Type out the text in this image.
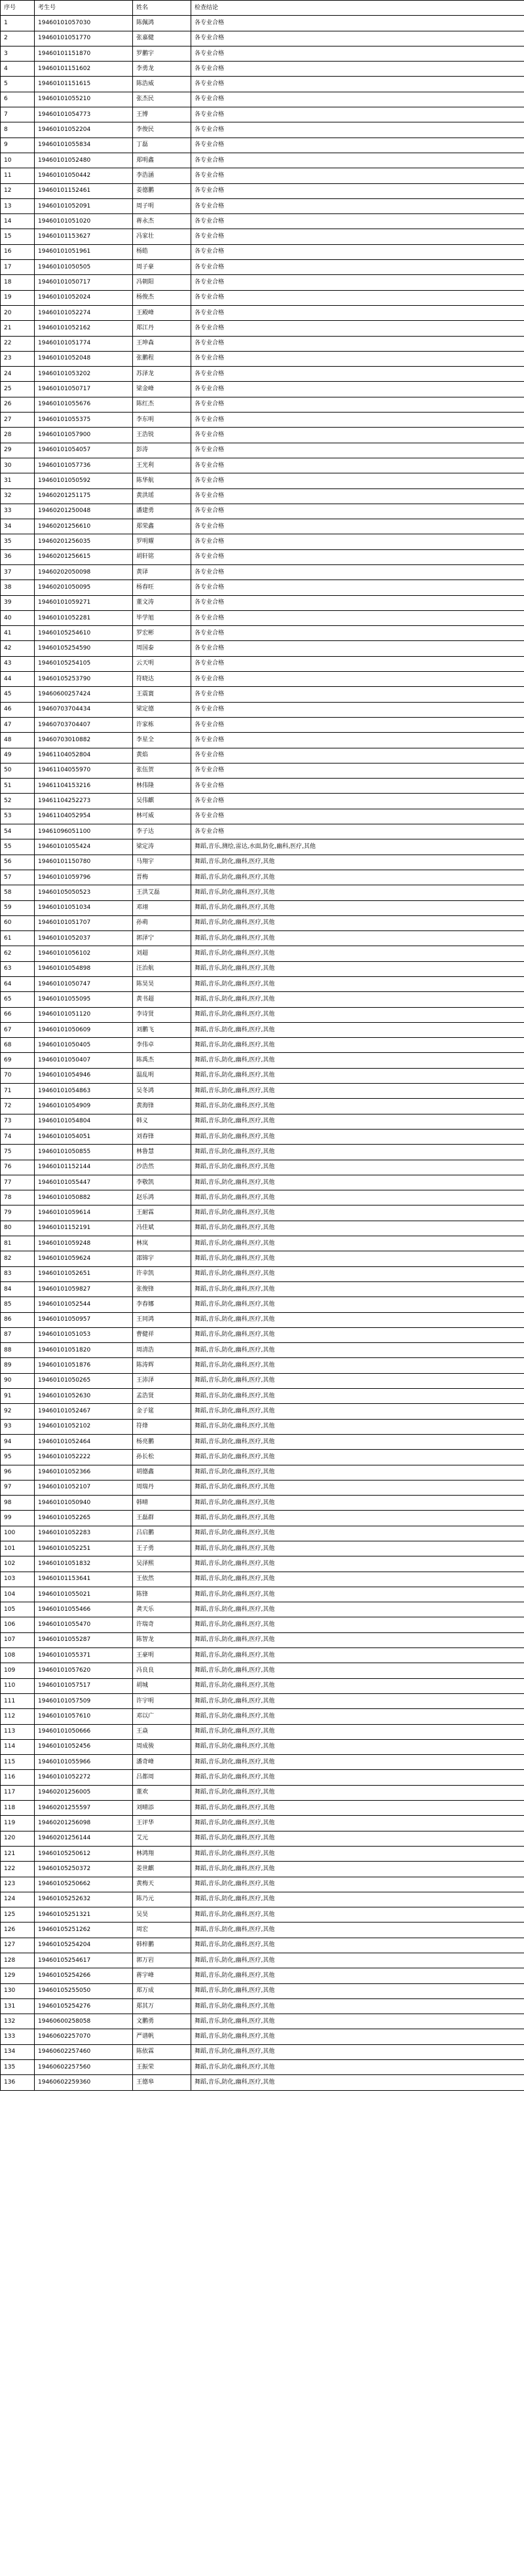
序号	考生号	姓名	检查结论
1	19460101057030	陈佩鸿	各专业合格
2	19460101051770	张嘉健	各专业合格
3	19460101151870	罗鹏宇	各专业合格
4	19460101151602	李勇龙	各专业合格
5	19460101151615	陈浩威	各专业合格
6	19460101055210	张杰民	各专业合格
7	19460101054773	王博	各专业合格
8	19460101052204	李俊民	各专业合格
9	19460101055834	丁磊	各专业合格
10	19460101052480	郑明鑫	各专业合格
11	19460101050442	李浩涵	各专业合格
12	19460101152461	姜德鹏	各专业合格
13	19460101052091	周子明	各专业合格
14	19460101051020	蒋永杰	各专业合格
15	19460101153627	冯家壮	各专业合格
16	19460101051961	杨皓	各专业合格
17	19460101050505	周子豪	各专业合格
18	19460101050717	冯朝阳	各专业合格
19	19460101052024	杨俊杰	各专业合格
20	19460101052274	王殿峰	各专业合格
21	19460101052162	郑江丹	各专业合格
22	19460101051774	王坤森	各专业合格
23	19460101052048	张鹏程	各专业合格
24	19460101053202	苏泽龙	各专业合格
25	19460101050717	梁金峰	各专业合格
26	19460101055676	陈红杰	各专业合格
27	19460101055375	李东明	各专业合格
28	19460101057900	王浩锐	各专业合格
29	19460101054057	彭涛	各专业合格
30	19460101057736	王光利	各专业合格
31	19460101050592	陈华航	各专业合格
32	19460201251175	黄洪瑶	各专业合格
33	19460201250048	潘建勇	各专业合格
34	19460201256610	郑荣鑫	各专业合格
35	19460201256035	罗明耀	各专业合格
36	19460201256615	胡轩铭	各专业合格
37	19460202050098	黄译	各专业合格
38	19460201050095	杨春旺	各专业合格
39	19460101059271	董文涛	各专业合格
40	19460101052281	毕学旭	各专业合格
41	19460105254610	罗宏彬	各专业合格
42	19460105254590	周国泰	各专业合格
43	19460105254105	云天明	各专业合格
44	19460105253790	符晓达	各专业合格
45	19460600257424	王震寰	各专业合格
46	19460703704434	梁定德	各专业合格
47	19460703704407	许家栋	各专业合格
48	19460703010882	李星全	各专业合格
49	19461104052804	黄焰	各专业合格
50	19461104055970	张伍贺	各专业合格
51	19461104153216	林伟隆	各专业合格
52	19461104252273	吴伟麒	各专业合格
53	19461104052954	林可威	各专业合格
54	19461096051100	李子达	各专业合格
55	19460101055424	梁定涛	舞蹈,音乐,测绘,雷达,水面,防化,幽科,医疗,其他
56	19460101150780	马翔宇	舞蹈,音乐,防化,幽科,医疗,其他
57	19460101059796	晋梅	舞蹈,音乐,防化,幽科,医疗,其他
58	19460105050523	王洪艾磊	舞蹈,音乐,防化,幽科,医疗,其他
59	19460101051034	邓翊	舞蹈,音乐,防化,幽科,医疗,其他
60	19460101051707	孙萌	舞蹈,音乐,防化,幽科,医疗,其他
61	19460101052037	郭泽宁	舞蹈,音乐,防化,幽科,医疗,其他
62	19460101056102	刘超	舞蹈,音乐,防化,幽科,医疗,其他
63	19460101054898	汪治航	舞蹈,音乐,防化,幽科,医疗,其他
64	19460101050747	陈昊昊	舞蹈,音乐,防化,幽科,医疗,其他
65	19460101055095	黄书超	舞蹈,音乐,防化,幽科,医疗,其他
66	19460101051120	李诗贤	舞蹈,音乐,防化,幽科,医疗,其他
67	19460101050609	刘鹏飞	舞蹈,音乐,防化,幽科,医疗,其他
68	19460101050405	李伟卓	舞蹈,音乐,防化,幽科,医疗,其他
69	19460101050407	陈禹杰	舞蹈,音乐,防化,幽科,医疗,其他
70	19460101054946	温乱明	舞蹈,音乐,防化,幽科,医疗,其他
71	19460101054863	吴冬鸿	舞蹈,音乐,防化,幽科,医疗,其他
72	19460101054909	黄海锋	舞蹈,音乐,防化,幽科,医疗,其他
73	19460101054804	韩义	舞蹈,音乐,防化,幽科,医疗,其他
74	19460101054051	刘春锋	舞蹈,音乐,防化,幽科,医疗,其他
75	19460101050855	林鲁慧	舞蹈,音乐,防化,幽科,医疗,其他
76	19460101152144	沙浩然	舞蹈,音乐,防化,幽科,医疗,其他
77	19460101055447	李敬凯	舞蹈,音乐,防化,幽科,医疗,其他
78	19460101050882	赵乐鸿	舞蹈,音乐,防化,幽科,医疗,其他
79	19460101059614	王耐霖	舞蹈,音乐,防化,幽科,医疗,其他
80	19460101152191	冯佳斌	舞蹈,音乐,防化,幽科,医疗,其他
81	19460101059248	林岚	舞蹈,音乐,防化,幽科,医疗,其他
82	19460101059624	邵锦宇	舞蹈,音乐,防化,幽科,医疗,其他
83	19460101052651	许幸凯	舞蹈,音乐,防化,幽科,医疗,其他
84	19460101059827	张俊锋	舞蹈,音乐,防化,幽科,医疗,其他
85	19460101052544	李春娜	舞蹈,音乐,防化,幽科,医疗,其他
86	19460101050957	王同鸿	舞蹈,音乐,防化,幽科,医疗,其他
87	19460101051053	曹健祥	舞蹈,音乐,防化,幽科,医疗,其他
88	19460101051820	周清浩	舞蹈,音乐,防化,幽科,医疗,其他
89	19460101051876	陈涛辉	舞蹈,音乐,防化,幽科,医疗,其他
90	19460101050265	王沛泽	舞蹈,音乐,防化,幽科,医疗,其他
91	19460101052630	孟浩贤	舞蹈,音乐,防化,幽科,医疗,其他
92	19460101052467	金子筵	舞蹈,音乐,防化,幽科,医疗,其他
93	19460101052102	符烽	舞蹈,音乐,防化,幽科,医疗,其他
94	19460101052464	杨亮鹏	舞蹈,音乐,防化,幽科,医疗,其他
95	19460101052222	孙长松	舞蹈,音乐,防化,幽科,医疗,其他
96	19460101052366	胡德鑫	舞蹈,音乐,防化,幽科,医疗,其他
97	19460101052107	周瑞丹	舞蹈,音乐,防化,幽科,医疗,其他
98	19460101050940	韩晴	舞蹈,音乐,防化,幽科,医疗,其他
99	19460101052265	王磊群	舞蹈,音乐,防化,幽科,医疗,其他
100	19460101052283	吕启鹏	舞蹈,音乐,防化,幽科,医疗,其他
101	19460101052251	王子勇	舞蹈,音乐,防化,幽科,医疗,其他
102	19460101051832	吴泽熙	舞蹈,音乐,防化,幽科,医疗,其他
103	19460101153641	王依然	舞蹈,音乐,防化,幽科,医疗,其他
104	19460101055021	陈锋	舞蹈,音乐,防化,幽科,医疗,其他
105	19460101055466	龚天乐	舞蹈,音乐,防化,幽科,医疗,其他
106	19460101055470	许瑞奇	舞蹈,音乐,防化,幽科,医疗,其他
107	19460101055287	陈智龙	舞蹈,音乐,防化,幽科,医疗,其他
108	19460101055371	王豪明	舞蹈,音乐,防化,幽科,医疗,其他
109	19460101057620	冯良良	舞蹈,音乐,防化,幽科,医疗,其他
110	19460101057517	胡城	舞蹈,音乐,防化,幽科,医疗,其他
111	19460101057509	许宇明	舞蹈,音乐,防化,幽科,医疗,其他
112	19460101057610	邓以广	舞蹈,音乐,防化,幽科,医疗,其他
113	19460101050666	王焱	舞蹈,音乐,防化,幽科,医疗,其他
114	19460101052456	周成骏	舞蹈,音乐,防化,幽科,医疗,其他
115	19460101055966	潘奇峰	舞蹈,音乐,防化,幽科,医疗,其他
116	19460101052272	吕都周	舞蹈,音乐,防化,幽科,医疗,其他
117	19460201256005	董欢	舞蹈,音乐,防化,幽科,医疗,其他
118	19460201255597	刘晴添	舞蹈,音乐,防化,幽科,医疗,其他
119	19460201256098	王评华	舞蹈,音乐,防化,幽科,医疗,其他
120	19460201256144	艾元	舞蹈,音乐,防化,幽科,医疗,其他
121	19460105250612	林鸿翔	舞蹈,音乐,防化,幽科,医疗,其他
122	19460105250372	姜世麒	舞蹈,音乐,防化,幽科,医疗,其他
123	19460105250662	黄梅天	舞蹈,音乐,防化,幽科,医疗,其他
124	19460105252632	陈乃元	舞蹈,音乐,防化,幽科,医疗,其他
125	19460105251321	吴昊	舞蹈,音乐,防化,幽科,医疗,其他
126	19460105251262	周宏	舞蹈,音乐,防化,幽科,医疗,其他
127	19460105254204	韩梓鹏	舞蹈,音乐,防化,幽科,医疗,其他
128	19460105254617	郭万岩	舞蹈,音乐,防化,幽科,医疗,其他
129	19460105254266	蒋宇峰	舞蹈,音乐,防化,幽科,医疗,其他
130	19460105255050	郑万成	舞蹈,音乐,防化,幽科,医疗,其他
131	19460105254276	郑其万	舞蹈,音乐,防化,幽科,医疗,其他
132	19460600258058	文鹏勇	舞蹈,音乐,防化,幽科,医疗,其他
133	19460602257070	严谱帆	舞蹈,音乐,防化,幽科,医疗,其他
134	19460602257460	陈依霖	舞蹈,音乐,防化,幽科,医疗,其他
135	19460602257560	王振荣	舞蹈,音乐,防化,幽科,医疗,其他
136	19460602259360	王德皋	舞蹈,音乐,防化,幽科,医疗,其他
